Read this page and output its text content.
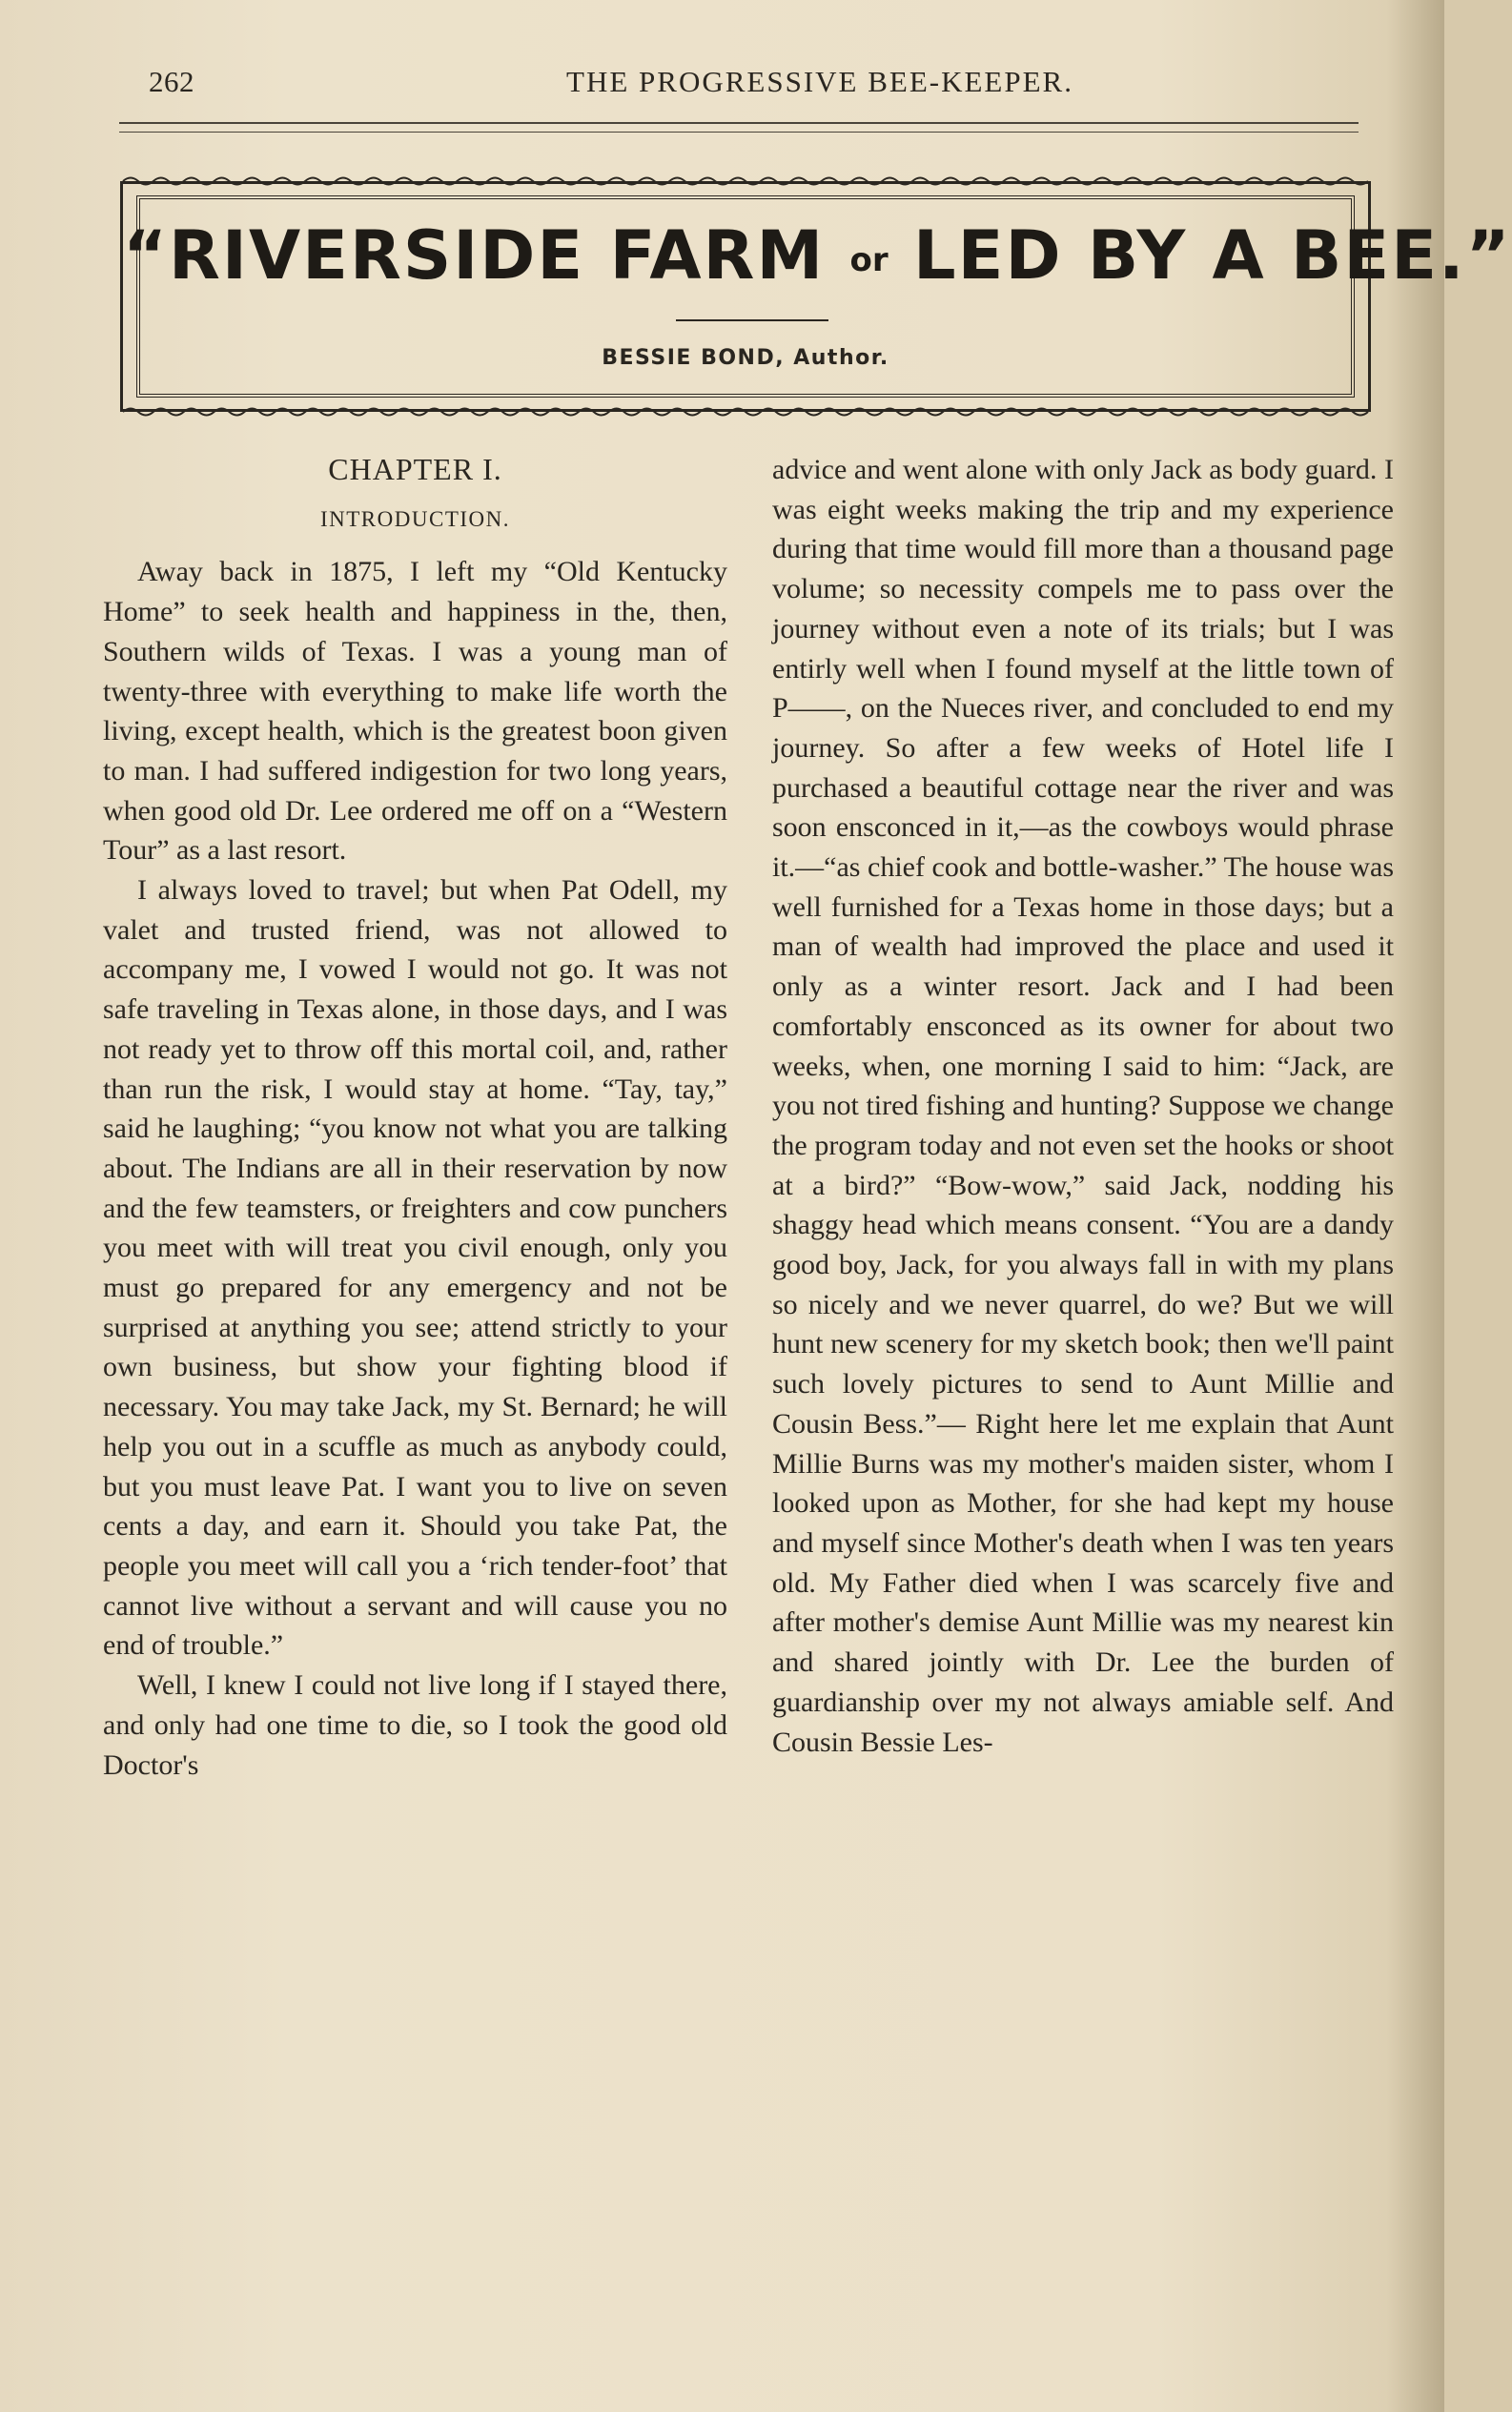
262	THE PROGRESSIVE BEE-KEEPER.
“RIVERSIDE FARM or LED BY A BEE.”
BESSIE BOND, Author.
CHAPTER I.
INTRODUCTION.

Away back in 1875, I left my “Old Kentucky Home” to seek health and happiness in the, then, Southern wilds of Texas. I was a young man of twenty-three with everything to make life worth the living, except health, which is the greatest boon given to man. I had suffered indigestion for two long years, when good old Dr. Lee ordered me off on a “Western Tour” as a last resort.

I always loved to travel; but when Pat Odell, my valet and trusted friend, was not allowed to accompany me, I vowed I would not go. It was not safe traveling in Texas alone, in those days, and I was not ready yet to throw off this mortal coil, and, rather than run the risk, I would stay at home. “Tay, tay,” said he laughing; “you know not what you are talking about. The Indians are all in their reservation by now and the few teamsters, or freighters and cow punchers you meet with will treat you civil enough, only you must go prepared for any emergency and not be surprised at anything you see; attend strictly to your own business, but show your fighting blood if necessary. You may take Jack, my St. Bernard; he will help you out in a scuffle as much as anybody could, but you must leave Pat. I want you to live on seven cents a day, and earn it. Should you take Pat, the people you meet will call you a ‘rich tender-foot’ that cannot live without a servant and will cause you no end of trouble.”

Well, I knew I could not live long if I stayed there, and only had one time to die, so I took the good old Doctor's

advice and went alone with only Jack as body guard. I was eight weeks making the trip and my experience during that time would fill more than a thousand page volume; so necessity compels me to pass over the journey without even a note of its trials; but I was entirly well when I found myself at the little town of P——, on the Nueces river, and concluded to end my journey. So after a few weeks of Hotel life I purchased a beautiful cottage near the river and was soon ensconced in it,—as the cowboys would phrase it.—“as chief cook and bottle-washer.” The house was well furnished for a Texas home in those days; but a man of wealth had improved the place and used it only as a winter resort. Jack and I had been comfortably ensconced as its owner for about two weeks, when, one morning I said to him: “Jack, are you not tired fishing and hunting? Suppose we change the program today and not even set the hooks or shoot at a bird?” “Bow-wow,” said Jack, nodding his shaggy head which means consent. “You are a dandy good boy, Jack, for you always fall in with my plans so nicely and we never quarrel, do we? But we will hunt new scenery for my sketch book; then we'll paint such lovely pictures to send to Aunt Millie and Cousin Bess.”— Right here let me explain that Aunt Millie Burns was my mother's maiden sister, whom I looked upon as Mother, for she had kept my house and myself since Mother's death when I was ten years old. My Father died when I was scarcely five and after mother's demise Aunt Millie was my nearest kin and shared jointly with Dr. Lee the burden of guardianship over my not always amiable self. And Cousin Bessie Les-
